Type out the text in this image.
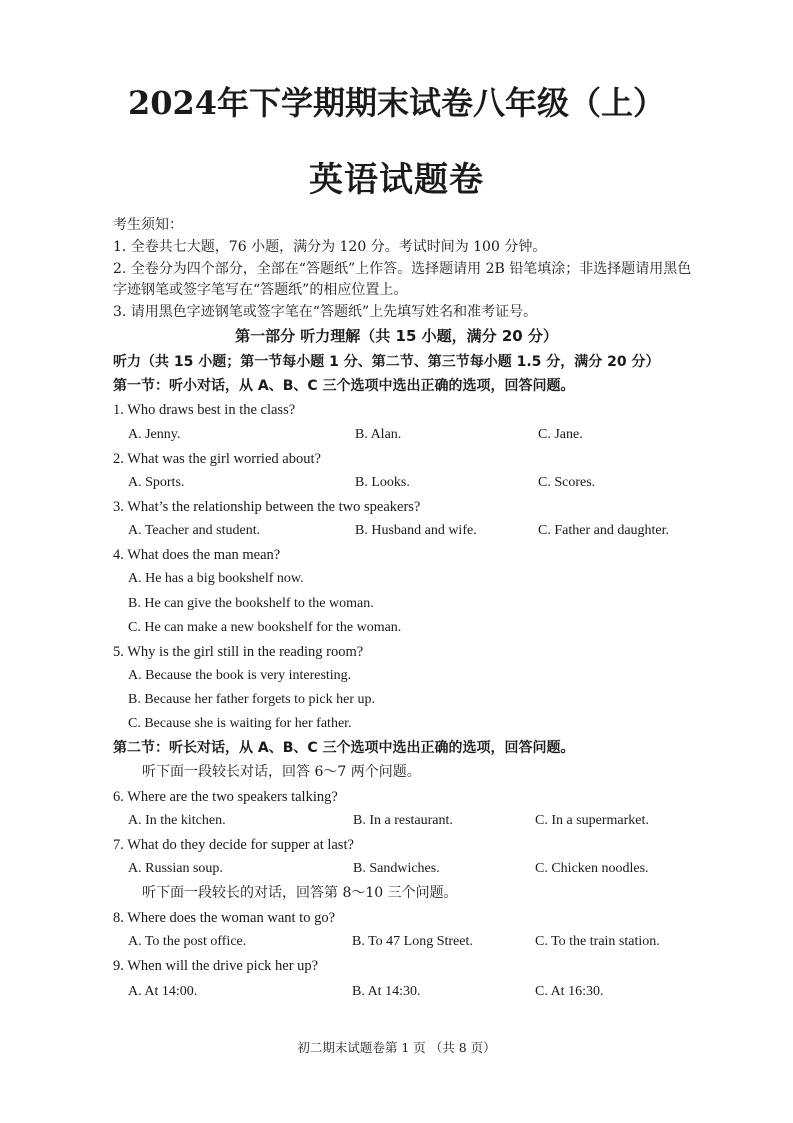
2024年下学期期末试卷八年级（上）
英语试题卷
考生须知：
1. 全卷共七大题，76 小题，满分为 120 分。考试时间为 100 分钟。
2. 全卷分为四个部分，全部在“答题纸”上作答。选择题请用 2B 铅笔填涂；非选择题请用黑色
字迹钢笔或签字笔写在“答题纸”的相应位置上。
3. 请用黑色字迹钢笔或签字笔在“答题纸”上先填写姓名和准考证号。
第一部分 听力理解（共 15 小题，满分 20 分）
听力（共 15 小题；第一节每小题 1 分、第二节、第三节每小题 1.5 分，满分 20 分）
第一节：听小对话，从 A、B、C 三个选项中选出正确的选项，回答问题。
1. Who draws best in the class?
A. Jenny.	B. Alan.	C. Jane.
2. What was the girl worried about?
A. Sports.	B. Looks.	C. Scores.
3. What’s the relationship between the two speakers?
A. Teacher and student.	B. Husband and wife.	C. Father and daughter.
4. What does the man mean?
A. He has a big bookshelf now.
B. He can give the bookshelf to the woman.
C. He can make a new bookshelf for the woman.
5. Why is the girl still in the reading room?
A. Because the book is very interesting.
B. Because her father forgets to pick her up.
C. Because she is waiting for her father.
第二节：听长对话，从 A、B、C 三个选项中选出正确的选项，回答问题。
听下面一段较长对话，回答 6～7 两个问题。
6. Where are the two speakers talking?
A. In the kitchen.	B. In a restaurant.	C. In a supermarket.
7. What do they decide for supper at last?
A. Russian soup.	B. Sandwiches.	C. Chicken noodles.
听下面一段较长的对话，回答第 8～10 三个问题。
8. Where does the woman want to go?
A. To the post office.	B. To 47 Long Street.	C. To the train station.
9. When will the drive pick her up?
A. At 14:00.	B. At 14:30.	C. At 16:30.
初二期末试题卷第 1 页 （共 8 页）
